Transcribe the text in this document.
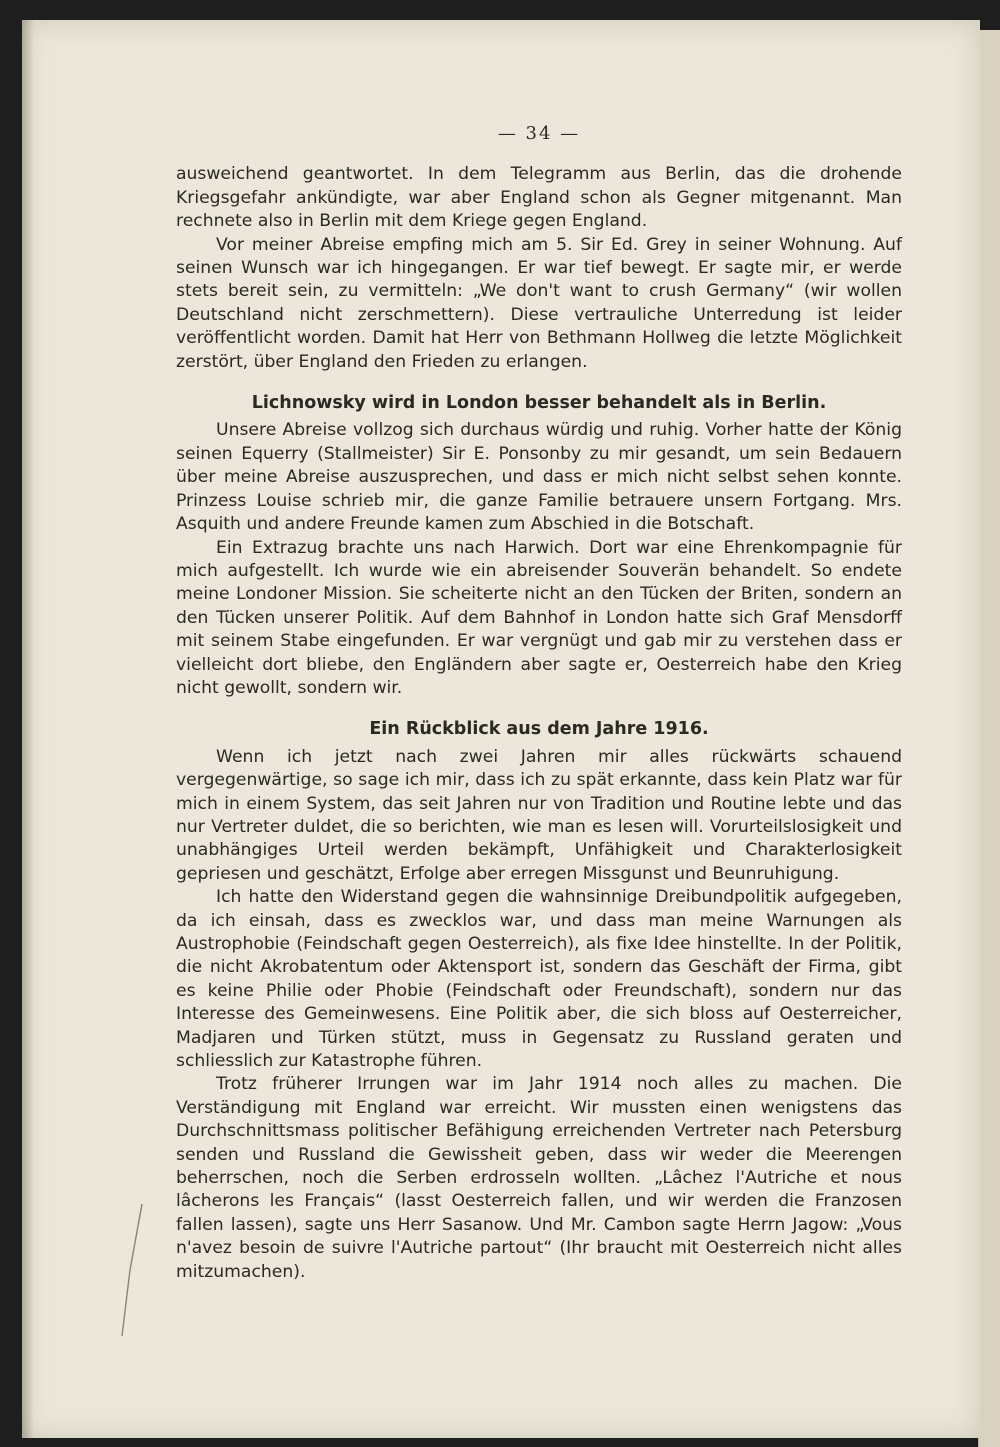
— 34 —

ausweichend geantwortet. In dem Telegramm aus Berlin, das die drohende Kriegsgefahr ankündigte, war aber England schon als Gegner mitgenannt. Man rechnete also in Berlin mit dem Kriege gegen England.

Vor meiner Abreise empfing mich am 5. Sir Ed. Grey in seiner Wohnung. Auf seinen Wunsch war ich hingegangen. Er war tief bewegt. Er sagte mir, er werde stets bereit sein, zu vermitteln: „We don't want to crush Germany“ (wir wollen Deutschland nicht zerschmettern). Diese vertrauliche Unterredung ist leider veröffentlicht worden. Damit hat Herr von Bethmann Hollweg die letzte Möglichkeit zerstört, über England den Frieden zu erlangen.

Lichnowsky wird in London besser behandelt als in Berlin.

Unsere Abreise vollzog sich durchaus würdig und ruhig. Vorher hatte der König seinen Equerry (Stallmeister) Sir E. Ponsonby zu mir gesandt, um sein Bedauern über meine Abreise auszusprechen, und dass er mich nicht selbst sehen konnte. Prinzess Louise schrieb mir, die ganze Familie betrauere unsern Fortgang. Mrs. Asquith und andere Freunde kamen zum Abschied in die Botschaft.

Ein Extrazug brachte uns nach Harwich. Dort war eine Ehrenkompagnie für mich aufgestellt. Ich wurde wie ein abreisender Souverän behandelt. So endete meine Londoner Mission. Sie scheiterte nicht an den Tücken der Briten, sondern an den Tücken unserer Politik. Auf dem Bahnhof in London hatte sich Graf Mensdorff mit seinem Stabe eingefunden. Er war vergnügt und gab mir zu verstehen dass er vielleicht dort bliebe, den Engländern aber sagte er, Oesterreich habe den Krieg nicht gewollt, sondern wir.

Ein Rückblick aus dem Jahre 1916.

Wenn ich jetzt nach zwei Jahren mir alles rückwärts schauend vergegenwärtige, so sage ich mir, dass ich zu spät erkannte, dass kein Platz war für mich in einem System, das seit Jahren nur von Tradition und Routine lebte und das nur Vertreter duldet, die so berichten, wie man es lesen will. Vorurteilslosigkeit und unabhängiges Urteil werden bekämpft, Unfähigkeit und Charakterlosigkeit gepriesen und geschätzt, Erfolge aber erregen Missgunst und Beunruhigung.

Ich hatte den Widerstand gegen die wahnsinnige Dreibundpolitik aufgegeben, da ich einsah, dass es zwecklos war, und dass man meine Warnungen als Austrophobie (Feindschaft gegen Oesterreich), als fixe Idee hinstellte. In der Politik, die nicht Akrobatentum oder Aktensport ist, sondern das Geschäft der Firma, gibt es keine Philie oder Phobie (Feindschaft oder Freundschaft), sondern nur das Interesse des Gemeinwesens. Eine Politik aber, die sich bloss auf Oesterreicher, Madjaren und Türken stützt, muss in Gegensatz zu Russland geraten und schliesslich zur Katastrophe führen.

Trotz früherer Irrungen war im Jahr 1914 noch alles zu machen. Die Verständigung mit England war erreicht. Wir mussten einen wenigstens das Durchschnittsmass politischer Befähigung erreichenden Vertreter nach Petersburg senden und Russland die Gewissheit geben, dass wir weder die Meerengen beherrschen, noch die Serben erdrosseln wollten. „Lâchez l'Autriche et nous lâcherons les Français“ (lasst Oesterreich fallen, und wir werden die Franzosen fallen lassen), sagte uns Herr Sasanow. Und Mr. Cambon sagte Herrn Jagow: „Vous n'avez besoin de suivre l'Autriche partout“ (Ihr braucht mit Oesterreich nicht alles mitzumachen).
